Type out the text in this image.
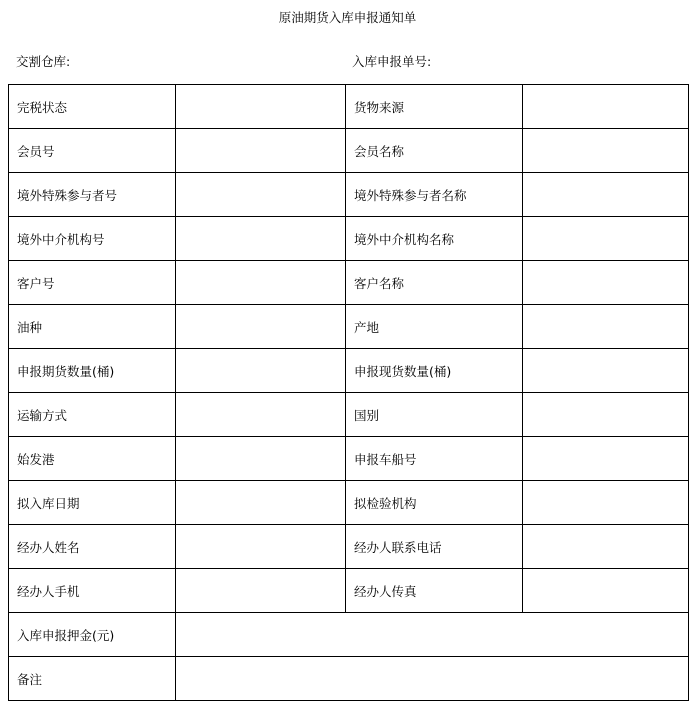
原油期货入库申报通知单
交割仓库:	入库申报单号:
完税状态		货物来源	
会员号		会员名称	
境外特殊参与者号		境外特殊参与者名称	
境外中介机构号		境外中介机构名称	
客户号		客户名称	
油种		产地	
申报期货数量(桶)		申报现货数量(桶)	
运输方式		国别	
始发港		申报车船号	
拟入库日期		拟检验机构	
经办人姓名		经办人联系电话	
经办人手机		经办人传真	
入库申报押金(元)			
备注			
